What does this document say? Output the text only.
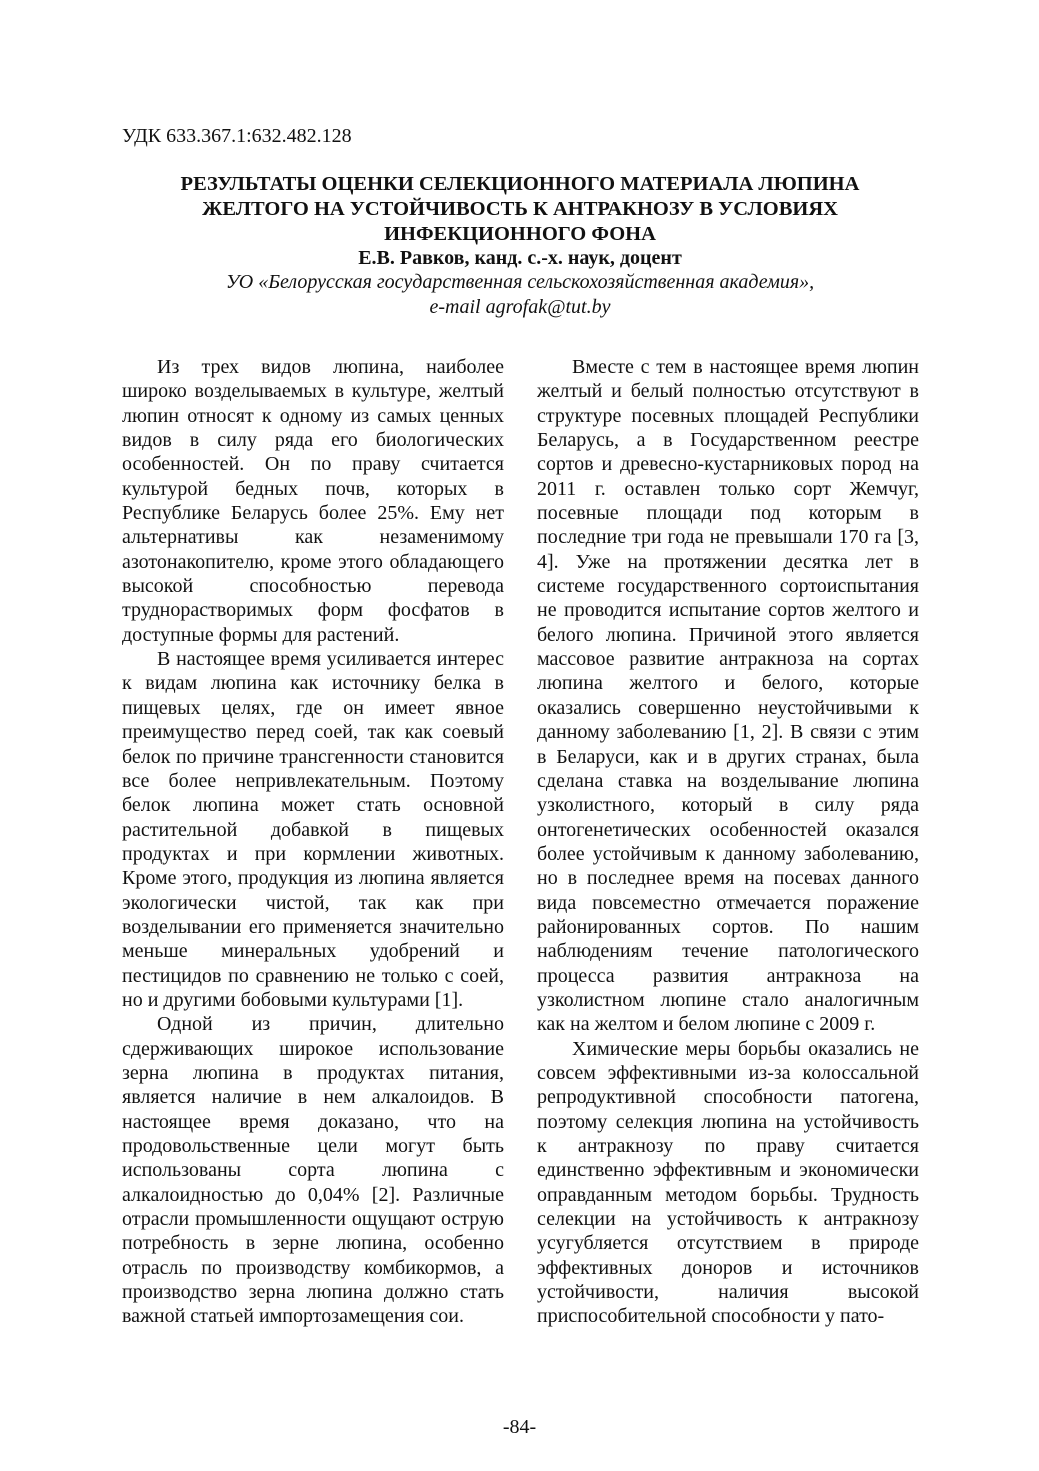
УДК 633.367.1:632.482.128
РЕЗУЛЬТАТЫ ОЦЕНКИ СЕЛЕКЦИОННОГО МАТЕРИАЛА ЛЮПИНА
ЖЕЛТОГО НА УСТОЙЧИВОСТЬ К АНТРАКНОЗУ В УСЛОВИЯХ
ИНФЕКЦИОННОГО ФОНА
Е.В. Равков, канд. с.-х. наук, доцент
УО «Белорусская государственная сельскохозяйственная академия»,
e-mail agrofak@tut.by

Из трех видов люпина, наиболее широко возделываемых в культуре, желтый люпин относят к одному из самых ценных видов в силу ряда его биологических особенностей. Он по праву считается культурой бедных почв, которых в Республике Беларусь более 25%. Ему нет альтернативы как незаменимому азотонакопителю, кроме этого обладающего высокой способностью перевода труднорастворимых форм фосфатов в доступные формы для растений.

В настоящее время усиливается интерес к видам люпина как источнику белка в пищевых целях, где он имеет явное преимущество перед соей, так как соевый белок по причине трансгенности становится все более непривлекательным. Поэтому белок люпина может стать основной растительной добавкой в пищевых продуктах и при кормлении животных. Кроме этого, продукция из люпина является экологически чистой, так как при возделывании его применяется значительно меньше минеральных удобрений и пестицидов по сравнению не только с соей, но и другими бобовыми культурами [1].

Одной из причин, длительно сдерживающих широкое использование зерна люпина в продуктах питания, является наличие в нем алкалоидов. В настоящее время доказано, что на продовольственные цели могут быть использованы сорта люпина с алкалоидностью до 0,04% [2]. Различные отрасли промышленности ощущают острую потребность в зерне люпина, особенно отрасль по производству комбикормов, а производство зерна люпина должно стать важной статьей импортозамещения сои.

Вместе с тем в настоящее время люпин желтый и белый полностью отсутствуют в структуре посевных площадей Республики Беларусь, а в Государственном реестре сортов и древесно-кустарниковых пород на 2011 г. оставлен только сорт Жемчуг, посевные площади под которым в последние три года не превышали 170 га [3, 4]. Уже на протяжении десятка лет в системе государственного сортоиспытания не проводится испытание сортов желтого и белого люпина. Причиной этого является массовое развитие антракноза на сортах люпина желтого и белого, которые оказались совершенно неустойчивыми к данному заболеванию [1, 2]. В связи с этим в Беларуси, как и в других странах, была сделана ставка на возделывание люпина узколистного, который в силу ряда онтогенетических особенностей оказался более устойчивым к данному заболеванию, но в последнее время на посевах данного вида повсеместно отмечается поражение районированных сортов. По нашим наблюдениям течение патологического процесса развития антракноза на узколистном люпине стало аналогичным как на желтом и белом люпине с 2009 г.

Химические меры борьбы оказались не совсем эффективными из-за колоссальной репродуктивной способности патогена, поэтому селекция люпина на устойчивость к антракнозу по праву считается единственно эффективным и экономически оправданным методом борьбы. Трудность селекции на устойчивость к антракнозу усугубляется отсутствием в природе эффективных доноров и источников устойчивости, наличия высокой приспособительной способности у пато-

-84-
